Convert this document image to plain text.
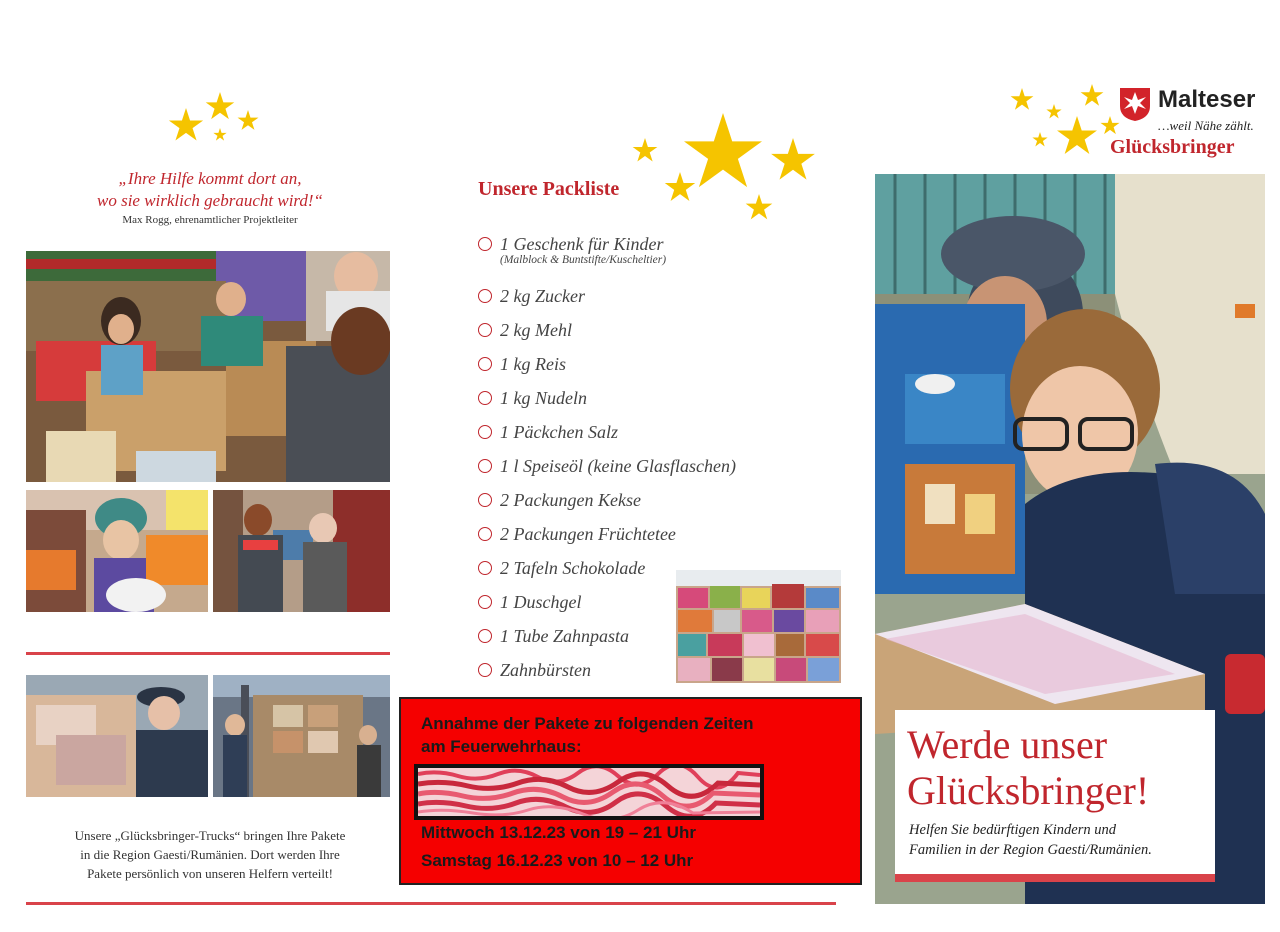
„Ihre Hilfe kommt dort an,
wo sie wirklich gebraucht wird!“
Max Rogg, ehrenamtlicher Projektleiter
Unsere „Glücksbringer-Trucks“ bringen Ihre Pakete
in die Region Gaesti/Rumänien. Dort werden Ihre
Pakete persönlich von unseren Helfern verteilt!
Unsere Packliste
1 Geschenk für Kinder
(Malblock & Buntstifte/Kuscheltier)
2 kg Zucker
2 kg Mehl
1 kg Reis
1 kg Nudeln
1 Päckchen Salz
1 l Speiseöl (keine Glasflaschen)
2 Packungen Kekse
2 Packungen Früchtetee
2 Tafeln Schokolade
1 Duschgel
1 Tube Zahnpasta
Zahnbürsten
Annahme der Pakete zu folgenden Zeiten
am Feuerwehrhaus:
Mittwoch 13.12.23 von 19 – 21 Uhr
Samstag 16.12.23 von 10 – 12 Uhr
Malteser
…weil Nähe zählt.
Glücksbringer
Werde unser
Glücksbringer!
Helfen Sie bedürftigen Kindern und
Familien in der Region Gaesti/Rumänien.
